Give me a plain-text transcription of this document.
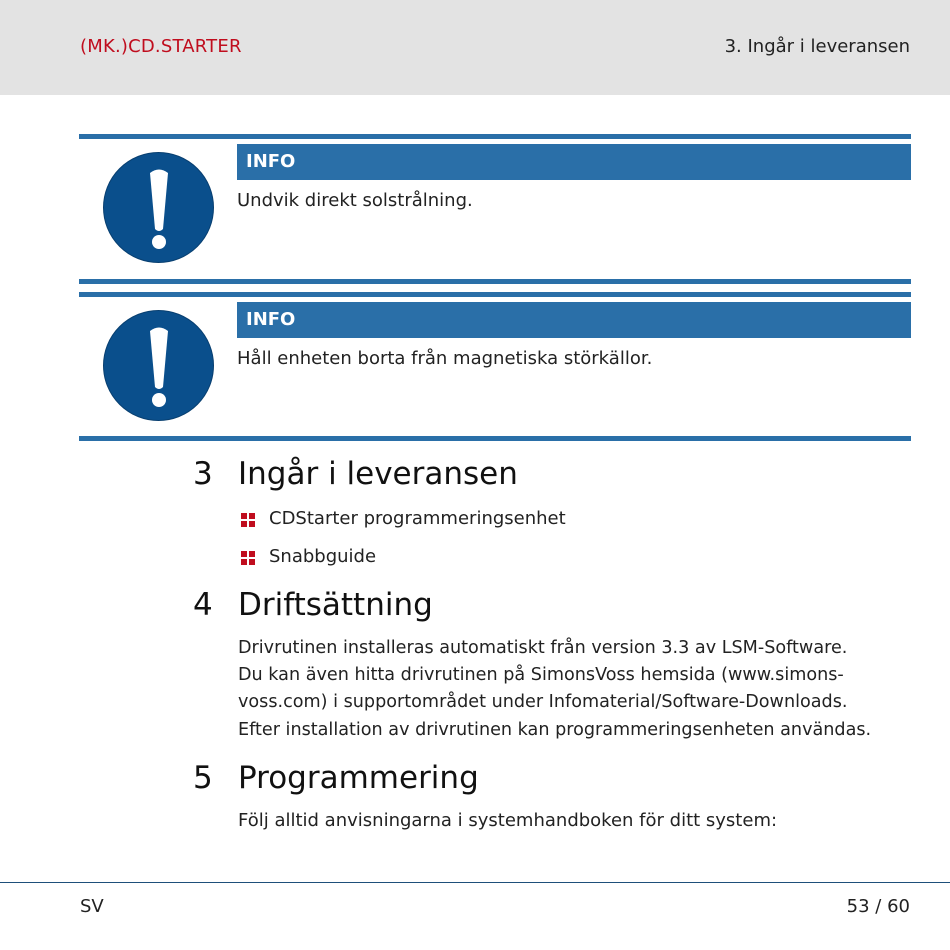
(MK.)CD.STARTER	3. Ingår i leveransen
INFO
Undvik direkt solstrålning.
INFO
Håll enheten borta från magnetiska störkällor.
3 Ingår i leveransen
CDStarter programmeringsenhet
Snabbguide
4 Driftsättning
Drivrutinen installeras automatiskt från version 3.3 av LSM-Software.
Du kan även hitta drivrutinen på SimonsVoss hemsida (www.simons-
voss.com) i supportområdet under Infomaterial/Software-Downloads.
Efter installation av drivrutinen kan programmeringsenheten användas.
5 Programmering
Följ alltid anvisningarna i systemhandboken för ditt system:
SV	53 / 60
